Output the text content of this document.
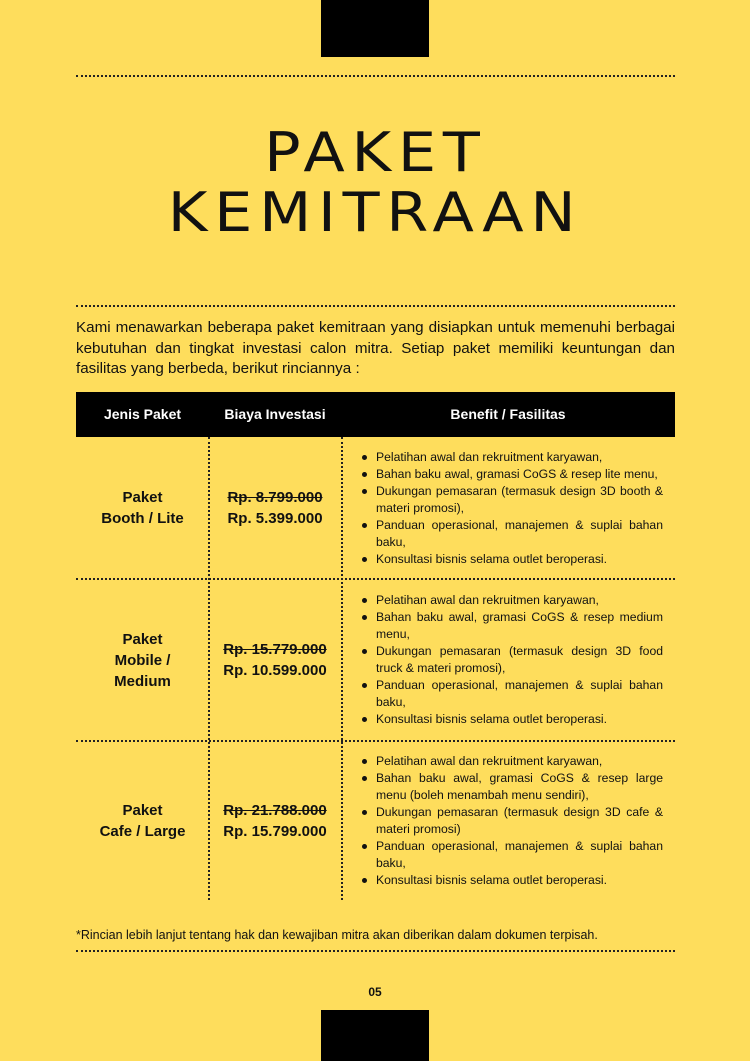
PAKET
KEMITRAAN

Kami menawarkan beberapa paket kemitraan yang disiapkan untuk memenuhi berbagai kebutuhan dan tingkat investasi calon mitra. Setiap paket memiliki keuntungan dan fasilitas yang berbeda, berikut rinciannya :

Jenis Paket	Biaya Investasi	Benefit / Fasilitas
Paket
Booth / Lite
Rp. 8.799.000
Rp. 5.399.000
Pelatihan awal dan rekruitment karyawan,
Bahan baku awal, gramasi CoGS & resep lite menu,
Dukungan pemasaran (termasuk design 3D booth & materi promosi),
Panduan operasional, manajemen & suplai bahan baku,
Konsultasi bisnis selama outlet beroperasi.
Paket
Mobile /
Medium
Rp. 15.779.000
Rp. 10.599.000
Pelatihan awal dan rekruitmen karyawan,
Bahan baku awal, gramasi CoGS & resep medium menu,
Dukungan pemasaran (termasuk design 3D food truck & materi promosi),
Panduan operasional, manajemen & suplai bahan baku,
Konsultasi bisnis selama outlet beroperasi.
Paket
Cafe / Large
Rp. 21.788.000
Rp. 15.799.000
Pelatihan awal dan rekruitment karyawan,
Bahan baku awal, gramasi CoGS & resep large menu (boleh menambah menu sendiri),
Dukungan pemasaran (termasuk design 3D cafe & materi promosi)
Panduan operasional, manajemen & suplai bahan baku,
Konsultasi bisnis selama outlet beroperasi.

*Rincian lebih lanjut tentang hak dan kewajiban mitra akan diberikan dalam dokumen terpisah.

05
